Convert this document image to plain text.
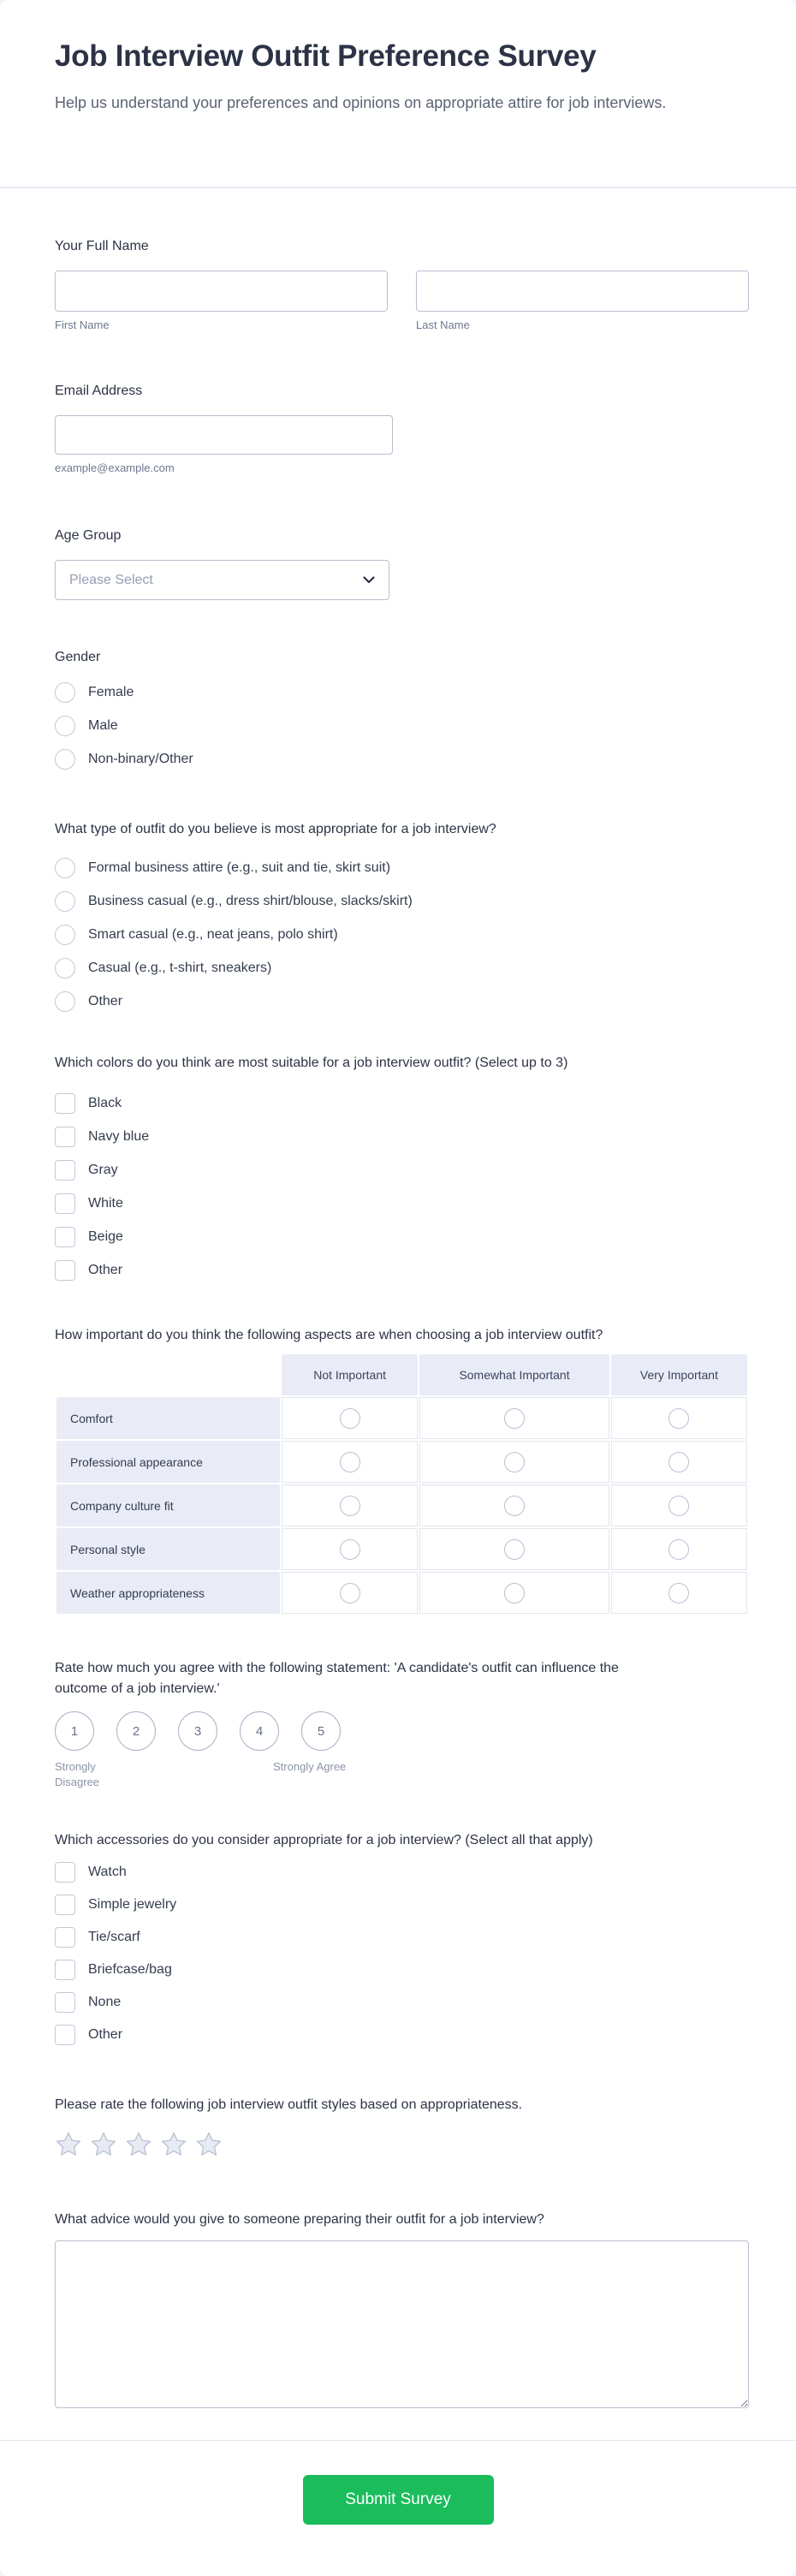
Job Interview Outfit Preference Survey

Help us understand your preferences and opinions on appropriate attire for job interviews.

Your Full Name
First Name	Last Name
Email Address
example@example.com
Age Group
Please Select
Gender
Female
Male
Non-binary/Other
What type of outfit do you believe is most appropriate for a job interview?
Formal business attire (e.g., suit and tie, skirt suit)
Business casual (e.g., dress shirt/blouse, slacks/skirt)
Smart casual (e.g., neat jeans, polo shirt)
Casual (e.g., t-shirt, sneakers)
Other
Which colors do you think are most suitable for a job interview outfit? (Select up to 3)
Black
Navy blue
Gray
White
Beige
Other
How important do you think the following aspects are when choosing a job interview outfit?
	Not Important	Somewhat Important	Very Important
Comfort			
Professional appearance			
Company culture fit			
Personal style			
Weather appropriateness			
Rate how much you agree with the following statement: 'A candidate's outfit can influence the outcome of a job interview.'
1	2	3	4	5
Strongly Disagree
Strongly Agree
Which accessories do you consider appropriate for a job interview? (Select all that apply)
Watch
Simple jewelry
Tie/scarf
Briefcase/bag
None
Other
Please rate the following job interview outfit styles based on appropriateness.
What advice would you give to someone preparing their outfit for a job interview?
Submit Survey
